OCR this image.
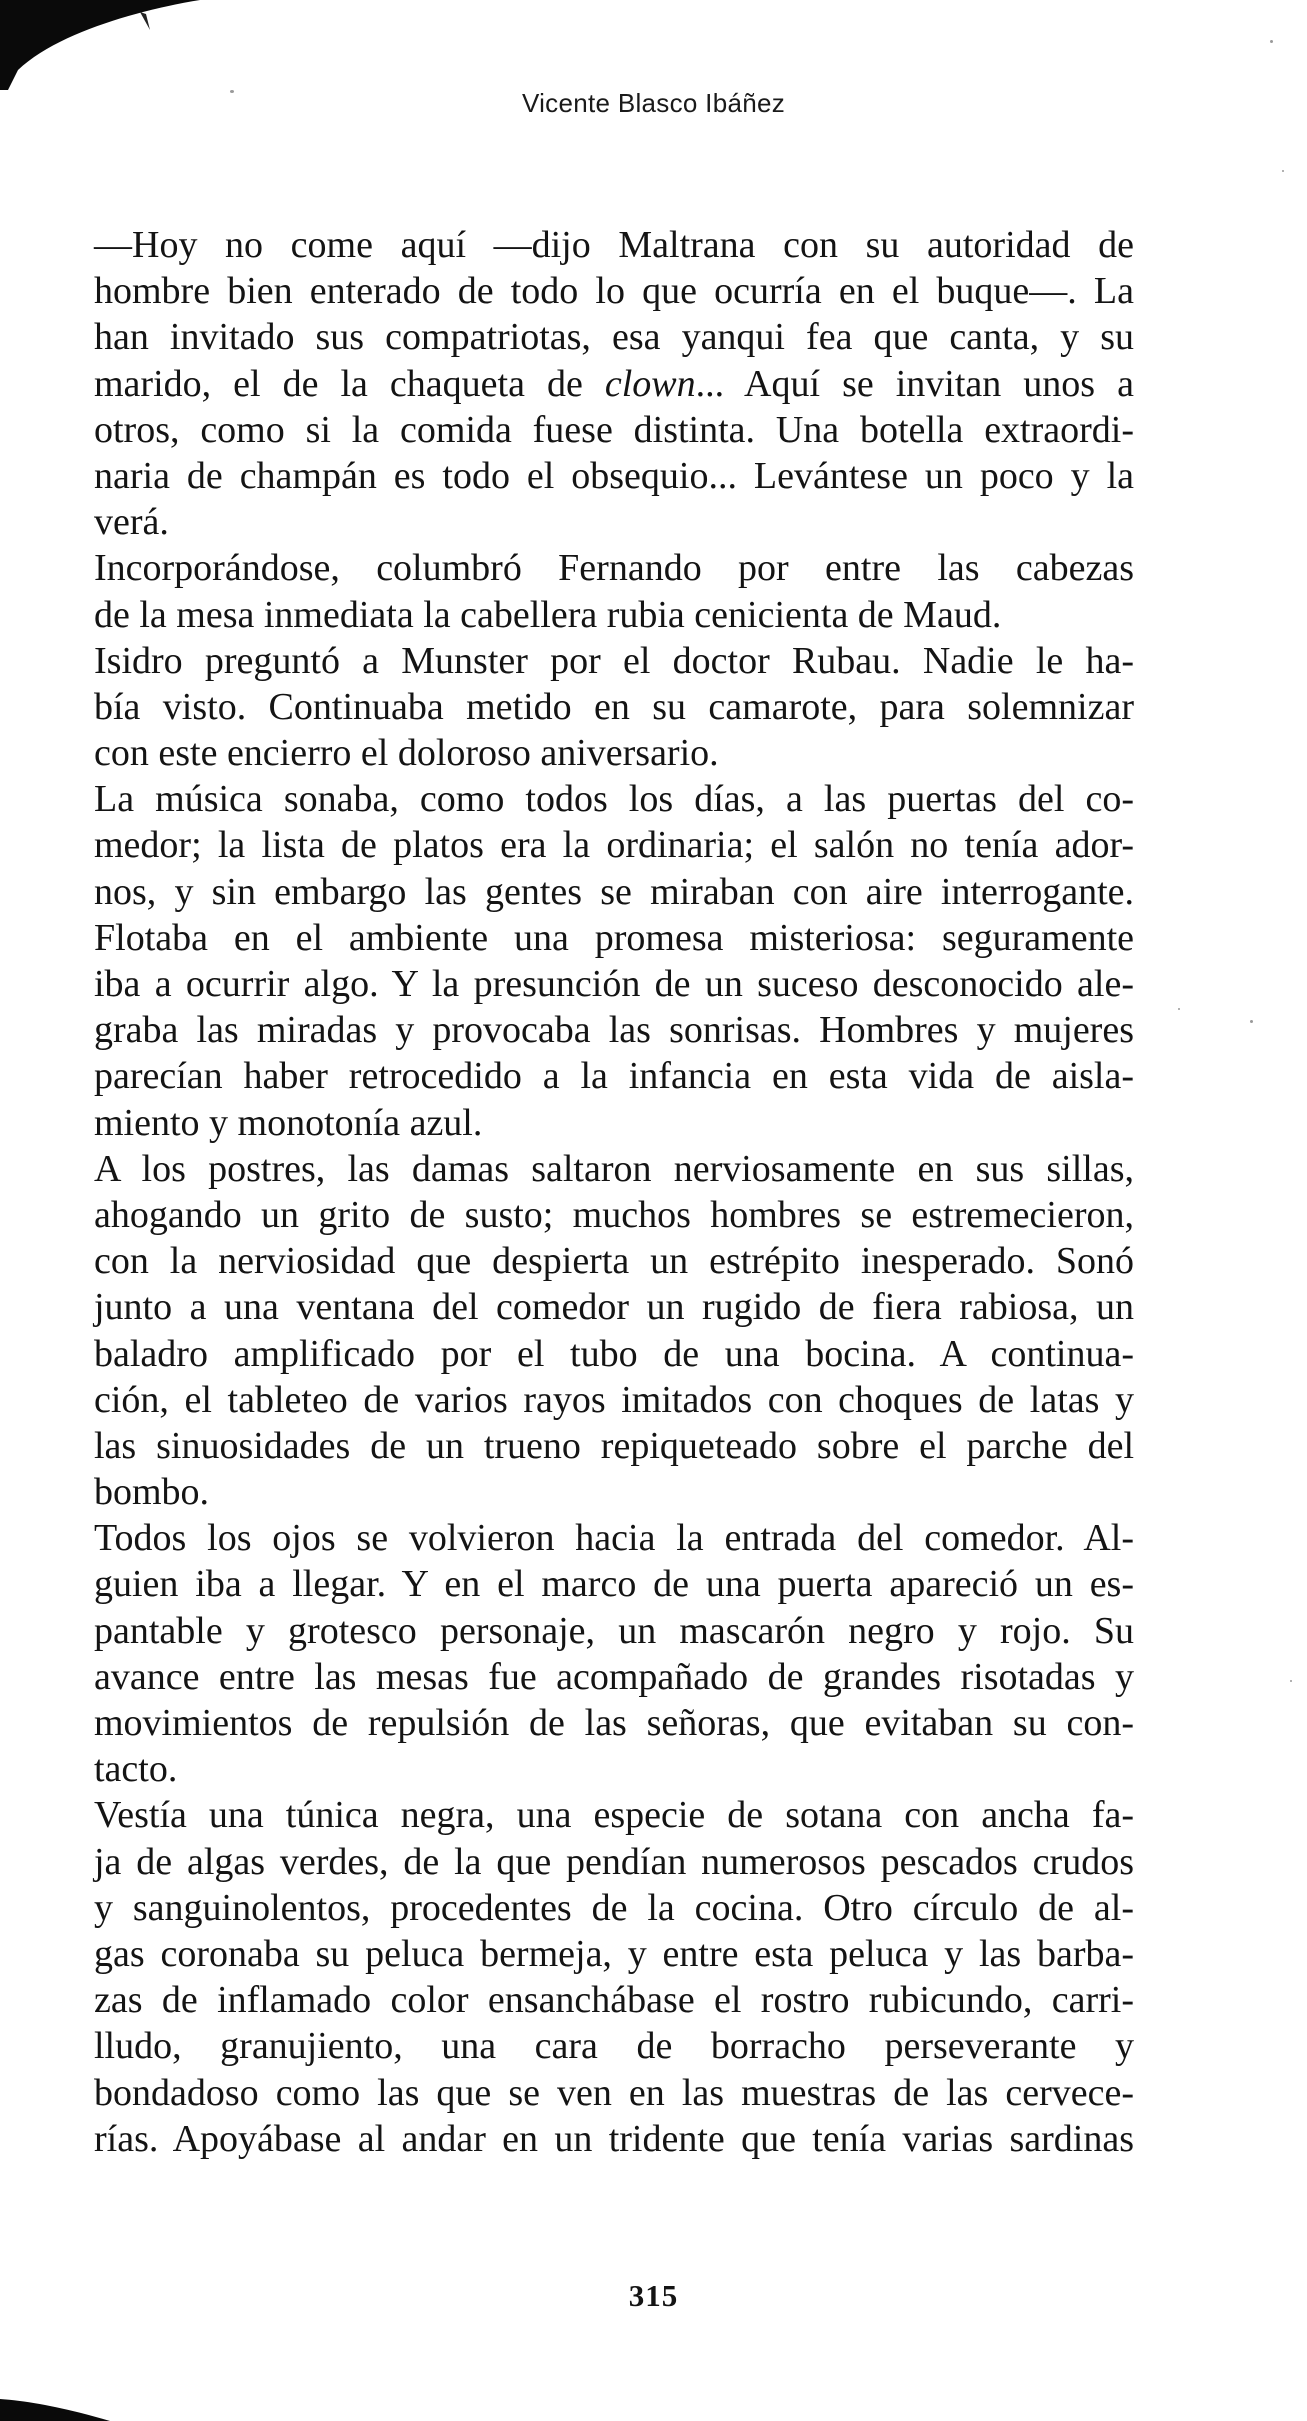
Vicente Blasco Ibáñez
—Hoy no come aquí —dijo Maltrana con su autoridad de
hombre bien enterado de todo lo que ocurría en el buque—. La
han invitado sus compatriotas, esa yanqui fea que canta, y su
marido, el de la chaqueta de clown... Aquí se invitan unos a
otros, como si la comida fuese distinta. Una botella extraordi-
naria de champán es todo el obsequio... Levántese un poco y la
verá.
Incorporándose, columbró Fernando por entre las cabezas
de la mesa inmediata la cabellera rubia cenicienta de Maud.
Isidro preguntó a Munster por el doctor Rubau. Nadie le ha-
bía visto. Continuaba metido en su camarote, para solemnizar
con este encierro el doloroso aniversario.
La música sonaba, como todos los días, a las puertas del co-
medor; la lista de platos era la ordinaria; el salón no tenía ador-
nos, y sin embargo las gentes se miraban con aire interrogante.
Flotaba en el ambiente una promesa misteriosa: seguramente
iba a ocurrir algo. Y la presunción de un suceso desconocido ale-
graba las miradas y provocaba las sonrisas. Hombres y mujeres
parecían haber retrocedido a la infancia en esta vida de aisla-
miento y monotonía azul.
A los postres, las damas saltaron nerviosamente en sus sillas,
ahogando un grito de susto; muchos hombres se estremecieron,
con la nerviosidad que despierta un estrépito inesperado. Sonó
junto a una ventana del comedor un rugido de fiera rabiosa, un
baladro amplificado por el tubo de una bocina. A continua-
ción, el tableteo de varios rayos imitados con choques de latas y
las sinuosidades de un trueno repiqueteado sobre el parche del
bombo.
Todos los ojos se volvieron hacia la entrada del comedor. Al-
guien iba a llegar. Y en el marco de una puerta apareció un es-
pantable y grotesco personaje, un mascarón negro y rojo. Su
avance entre las mesas fue acompañado de grandes risotadas y
movimientos de repulsión de las señoras, que evitaban su con-
tacto.
Vestía una túnica negra, una especie de sotana con ancha fa-
ja de algas verdes, de la que pendían numerosos pescados crudos
y sanguinolentos, procedentes de la cocina. Otro círculo de al-
gas coronaba su peluca bermeja, y entre esta peluca y las barba-
zas de inflamado color ensanchábase el rostro rubicundo, carri-
lludo, granujiento, una cara de borracho perseverante y
bondadoso como las que se ven en las muestras de las cervece-
rías. Apoyábase al andar en un tridente que tenía varias sardinas
315
